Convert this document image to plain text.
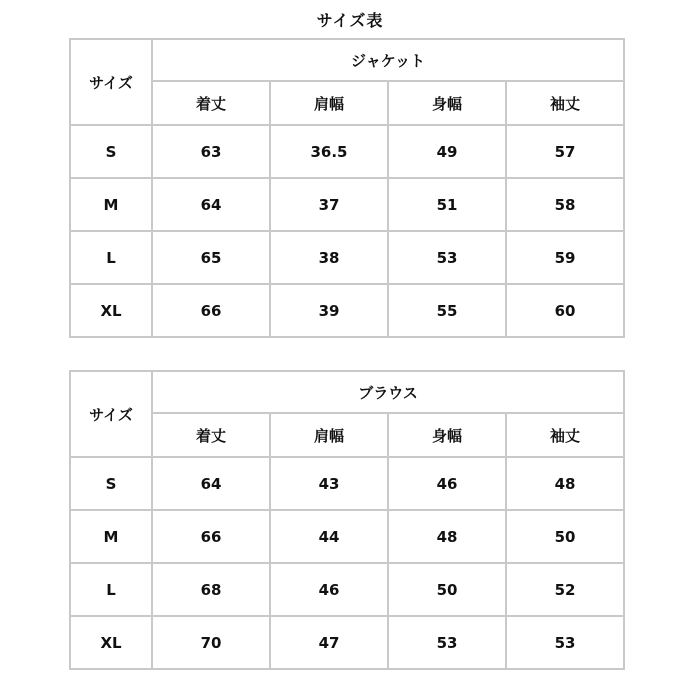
サイズ表
サイズ	ジャケット			
	着丈	肩幅	身幅	袖丈
S	63	36.5	49	57
M	64	37	51	58
L	65	38	53	59
XL	66	39	55	60
サイズ	ブラウス			
	着丈	肩幅	身幅	袖丈
S	64	43	46	48
M	66	44	48	50
L	68	46	50	52
XL	70	47	53	53
